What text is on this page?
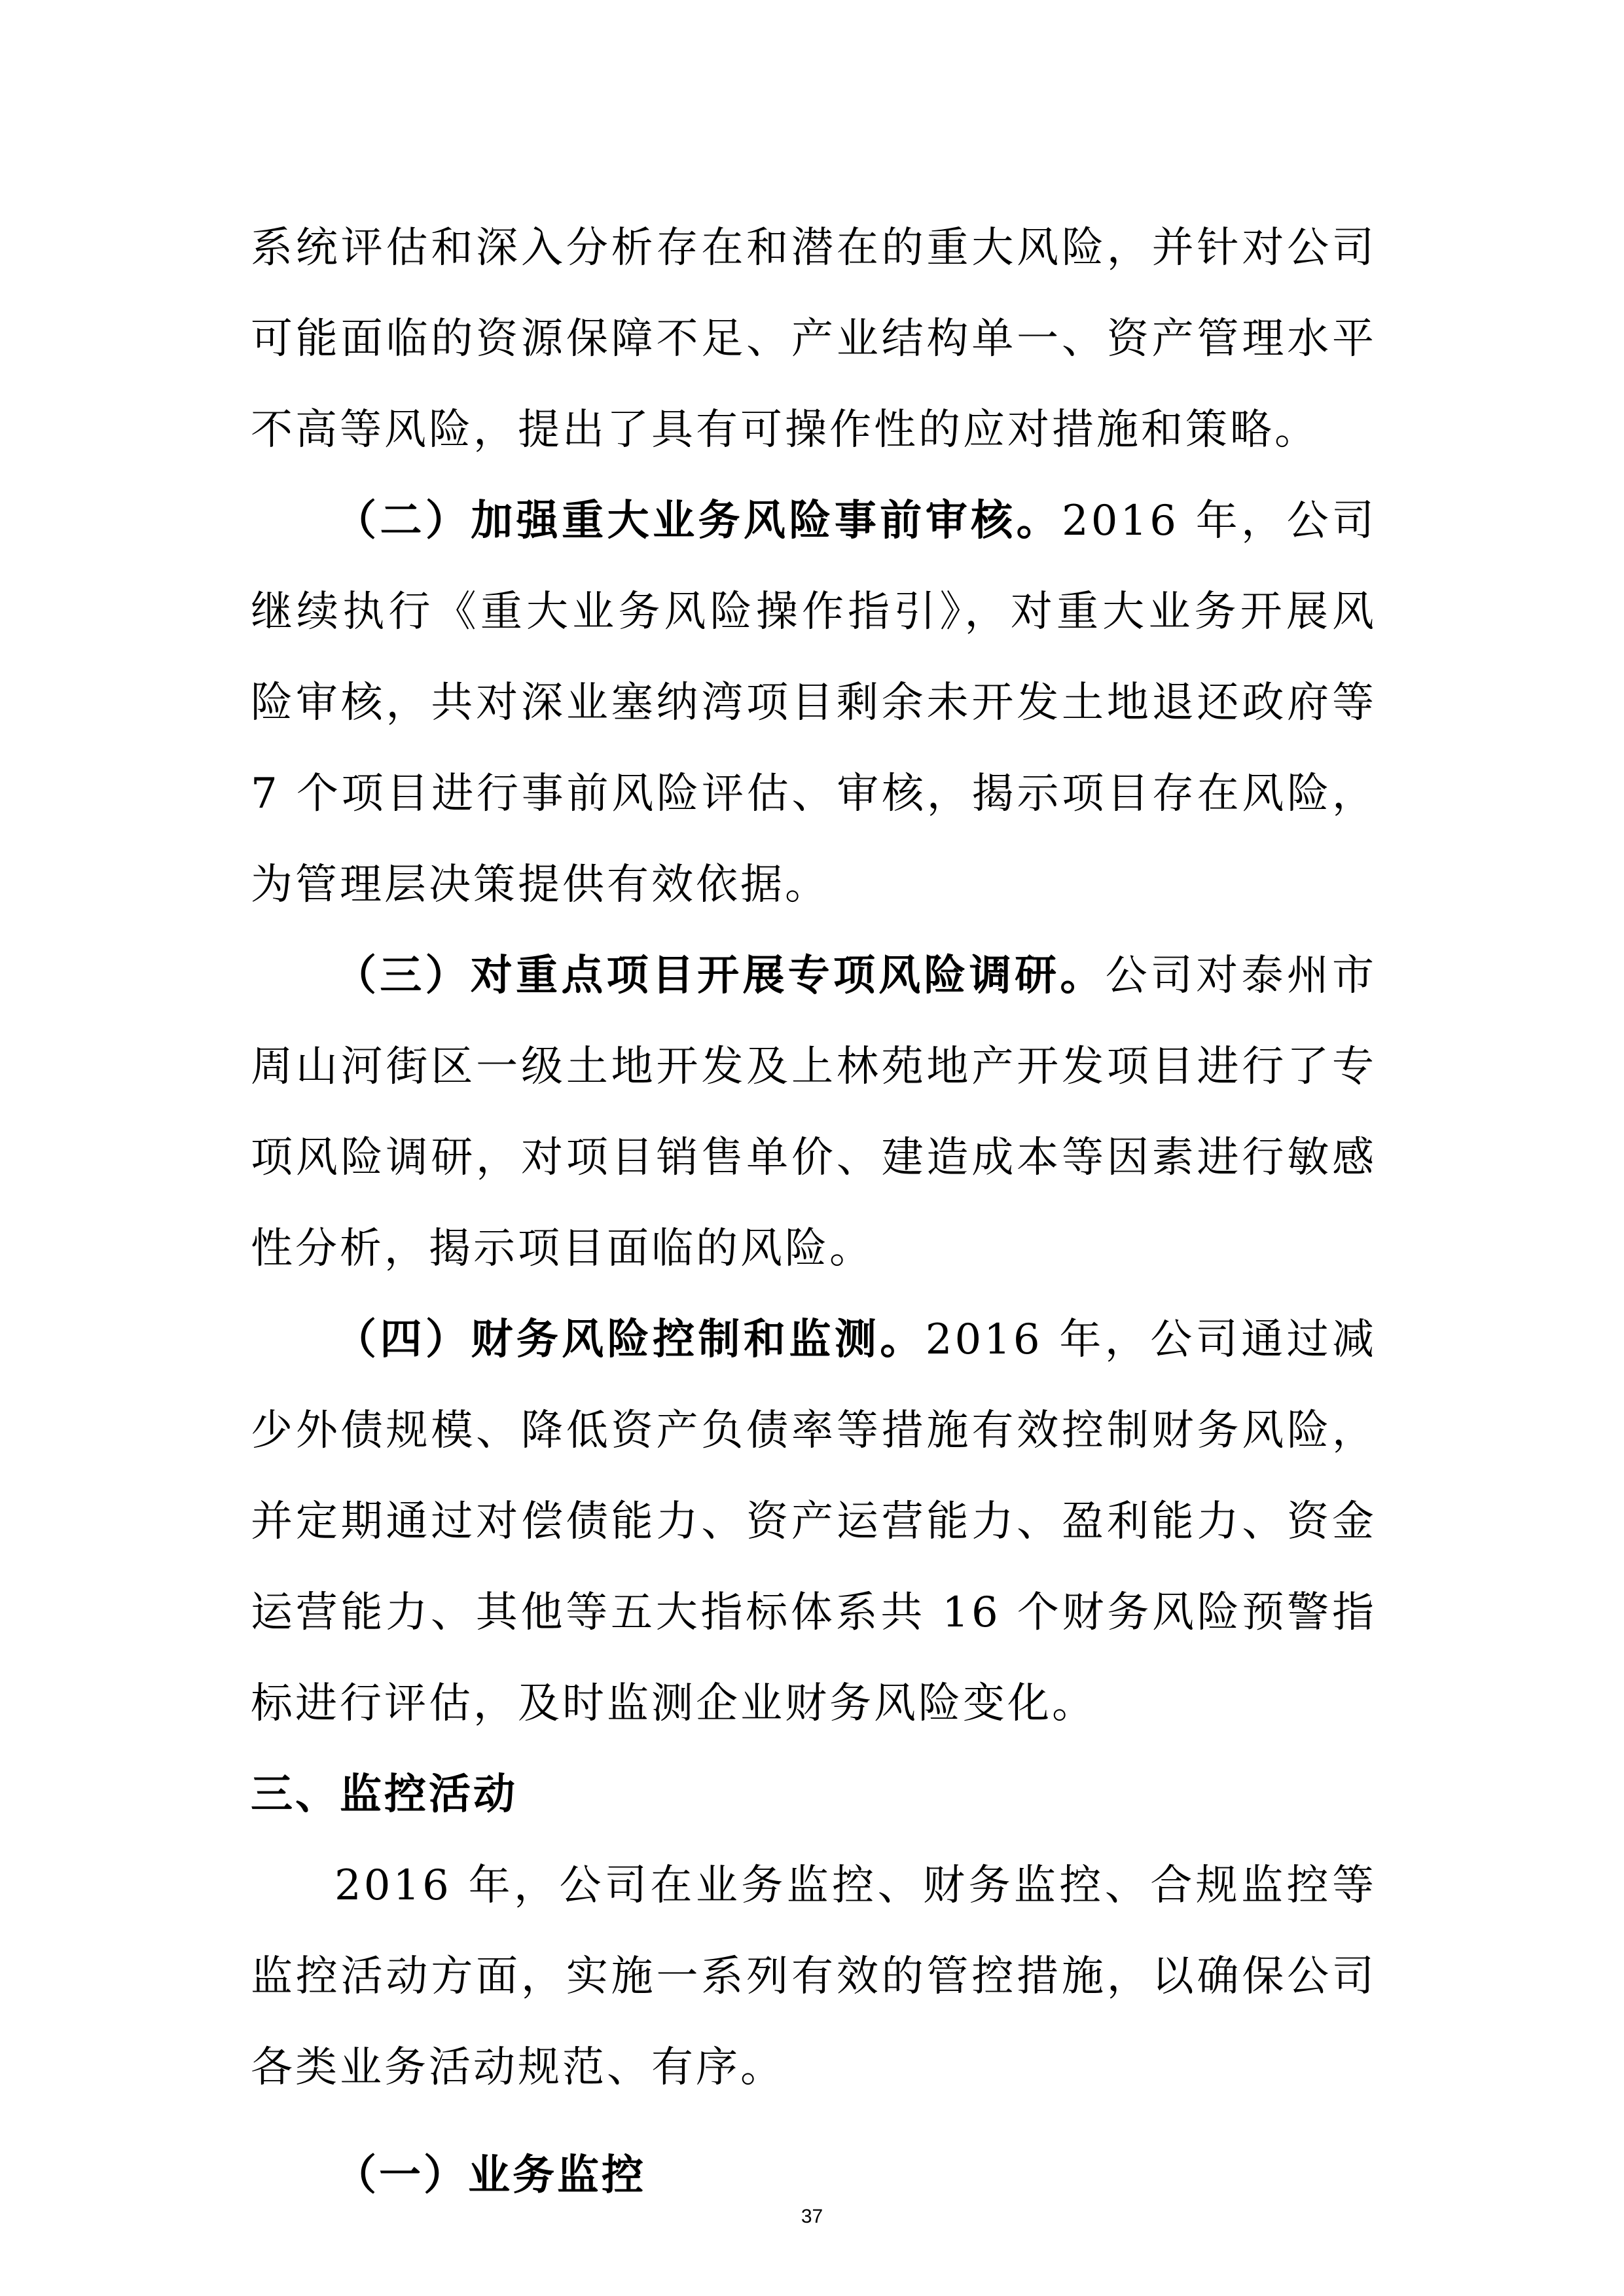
系统评估和深入分析存在和潜在的重大风险，并针对公司可能面临的资源保障不足、产业结构单一、资产管理水平不高等风险，提出了具有可操作性的应对措施和策略。

（二）加强重大业务风险事前审核。2016 年，公司继续执行《重大业务风险操作指引》，对重大业务开展风险审核，共对深业塞纳湾项目剩余未开发土地退还政府等 7 个项目进行事前风险评估、审核，揭示项目存在风险，为管理层决策提供有效依据。

（三）对重点项目开展专项风险调研。公司对泰州市周山河街区一级土地开发及上林苑地产开发项目进行了专项风险调研，对项目销售单价、建造成本等因素进行敏感性分析，揭示项目面临的风险。

（四）财务风险控制和监测。2016 年，公司通过减少外债规模、降低资产负债率等措施有效控制财务风险，并定期通过对偿债能力、资产运营能力、盈利能力、资金运营能力、其他等五大指标体系共 16 个财务风险预警指标进行评估，及时监测企业财务风险变化。

三、监控活动

2016 年，公司在业务监控、财务监控、合规监控等监控活动方面，实施一系列有效的管控措施，以确保公司各类业务活动规范、有序。

（一）业务监控

37
